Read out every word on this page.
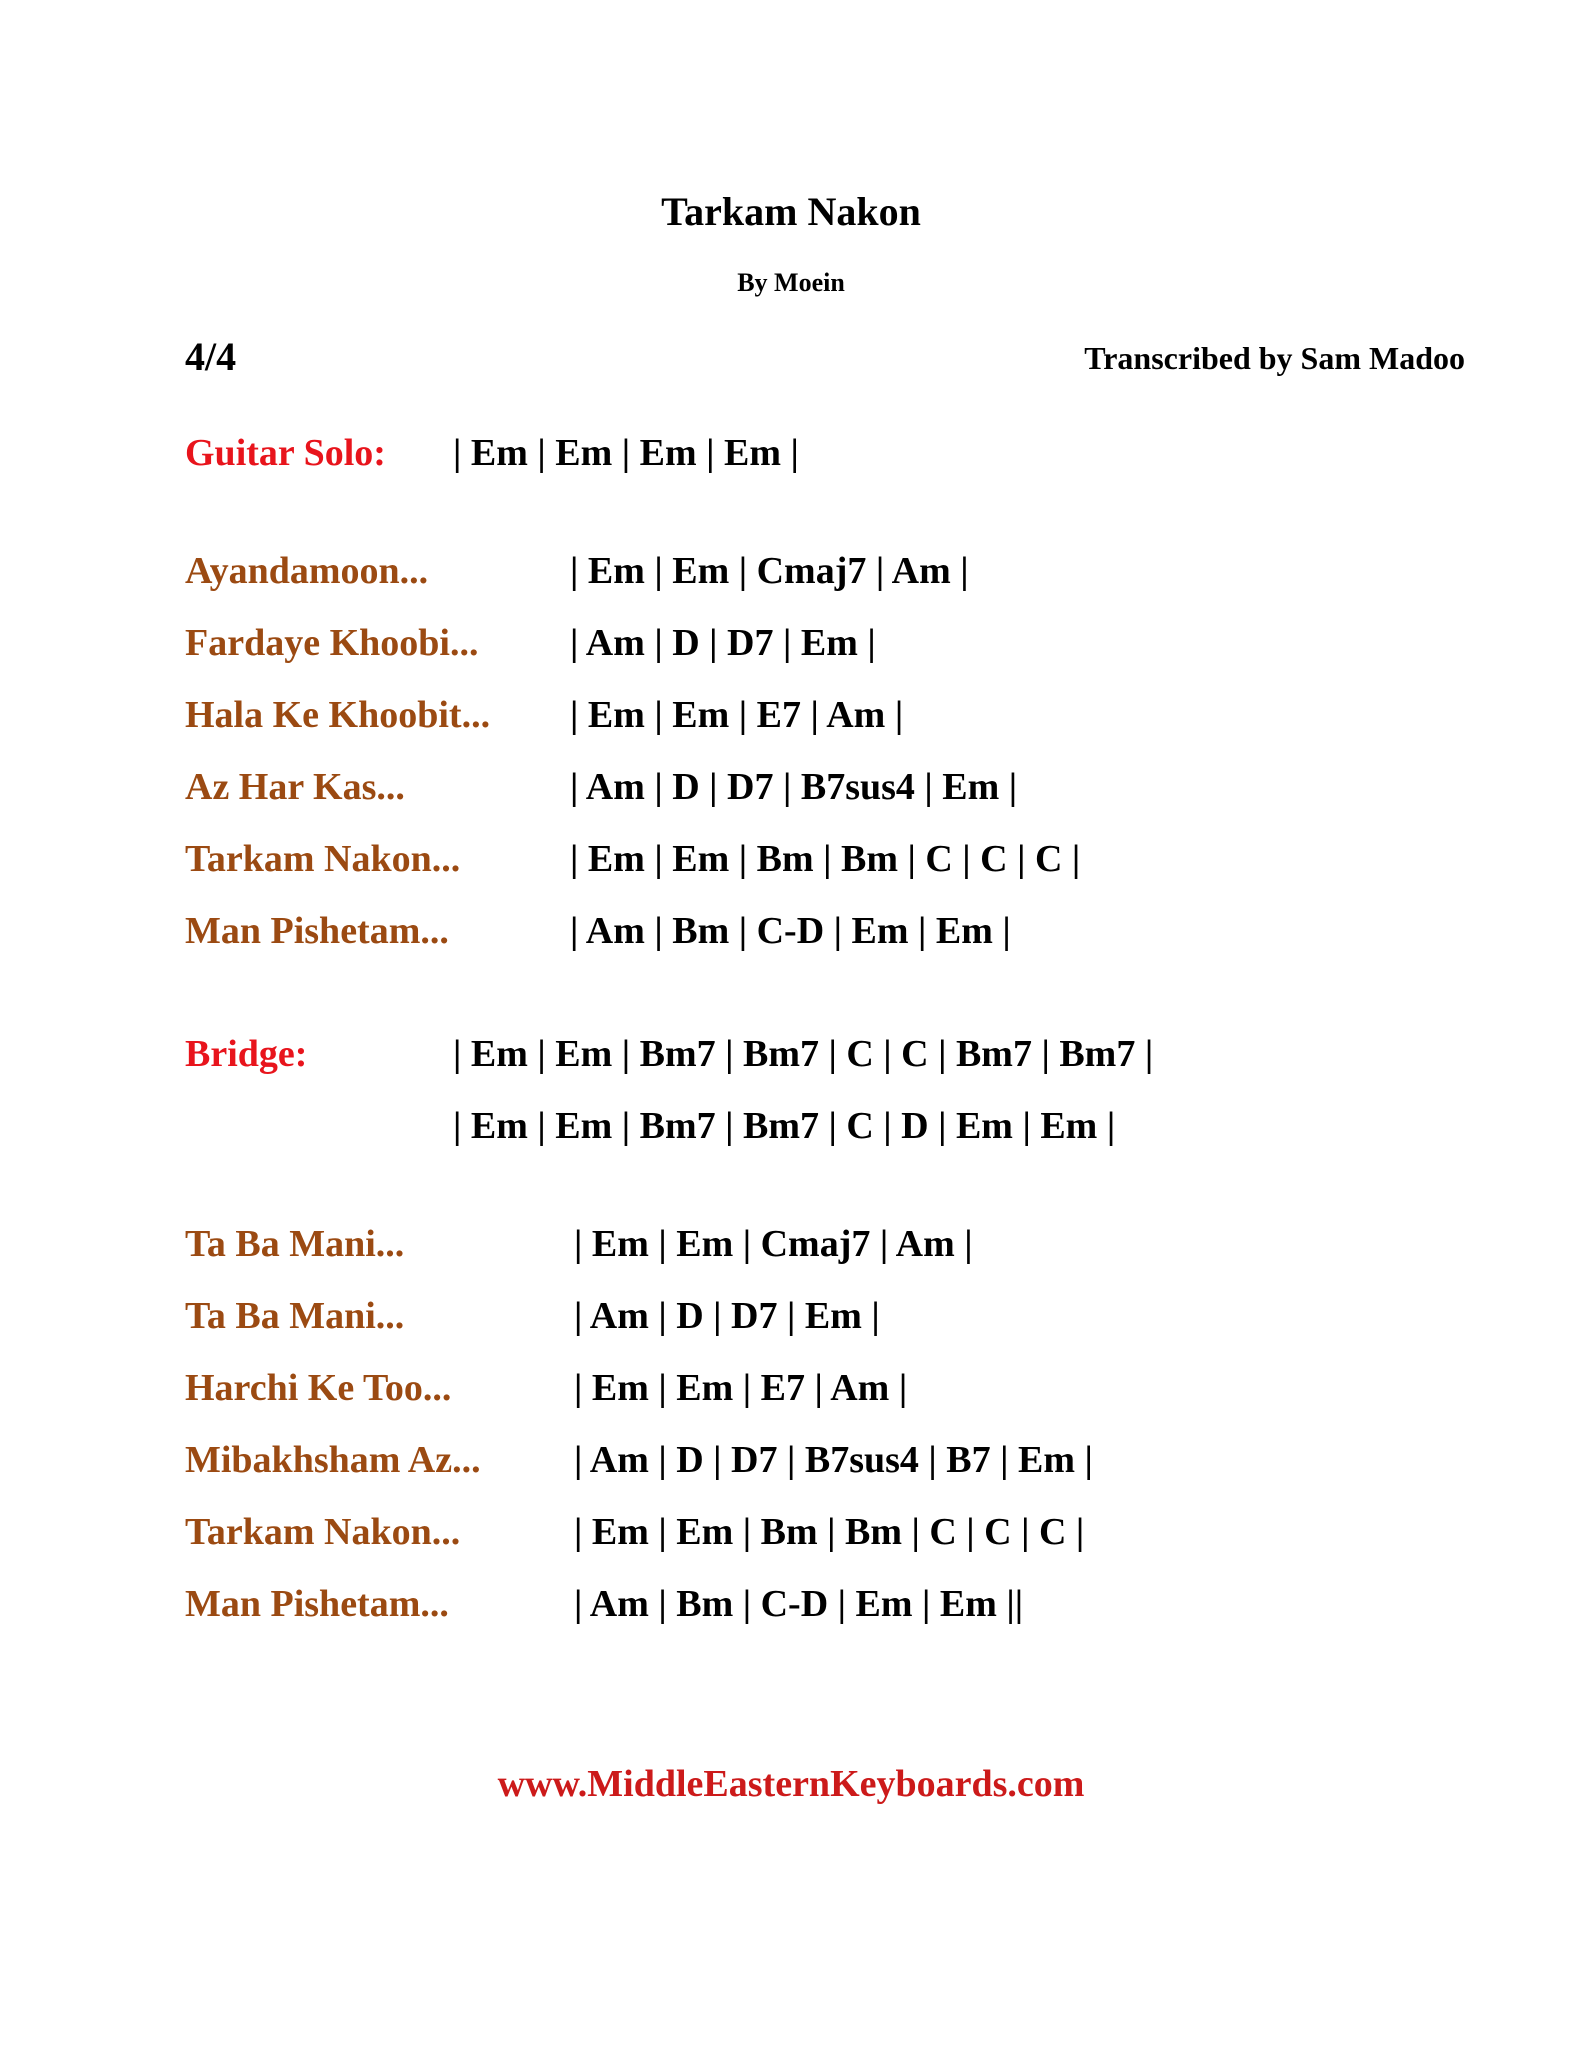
Tarkam Nakon
By Moein
4/4	Transcribed by Sam Madoo
Guitar Solo: | Em | Em | Em | Em |
Ayandamoon...	| Em | Em | Cmaj7 | Am |
Fardaye Khoobi... | Am | D | D7 | Em |
Hala Ke Khoobit... | Em | Em | E7 | Am |
Az Har Kas...	| Am | D | D7 | B7sus4 | Em |
Tarkam Nakon...	| Em | Em | Bm | Bm | C | C | C |
Man Pishetam...	| Am | Bm | C-D | Em | Em |
Bridge:	| Em | Em | Bm7 | Bm7 | C | C | Bm7 | Bm7 |
| Em | Em | Bm7 | Bm7 | C | D | Em | Em |
Ta Ba Mani...	| Em | Em | Cmaj7 | Am |
Ta Ba Mani...	| Am | D | D7 | Em |
Harchi Ke Too...	| Em | Em | E7 | Am |
Mibakhsham Az... | Am | D | D7 | B7sus4 | B7 | Em |
Tarkam Nakon...	| Em | Em | Bm | Bm | C | C | C |
Man Pishetam...	| Am | Bm | C-D | Em | Em ||
www.MiddleEasternKeyboards.com
